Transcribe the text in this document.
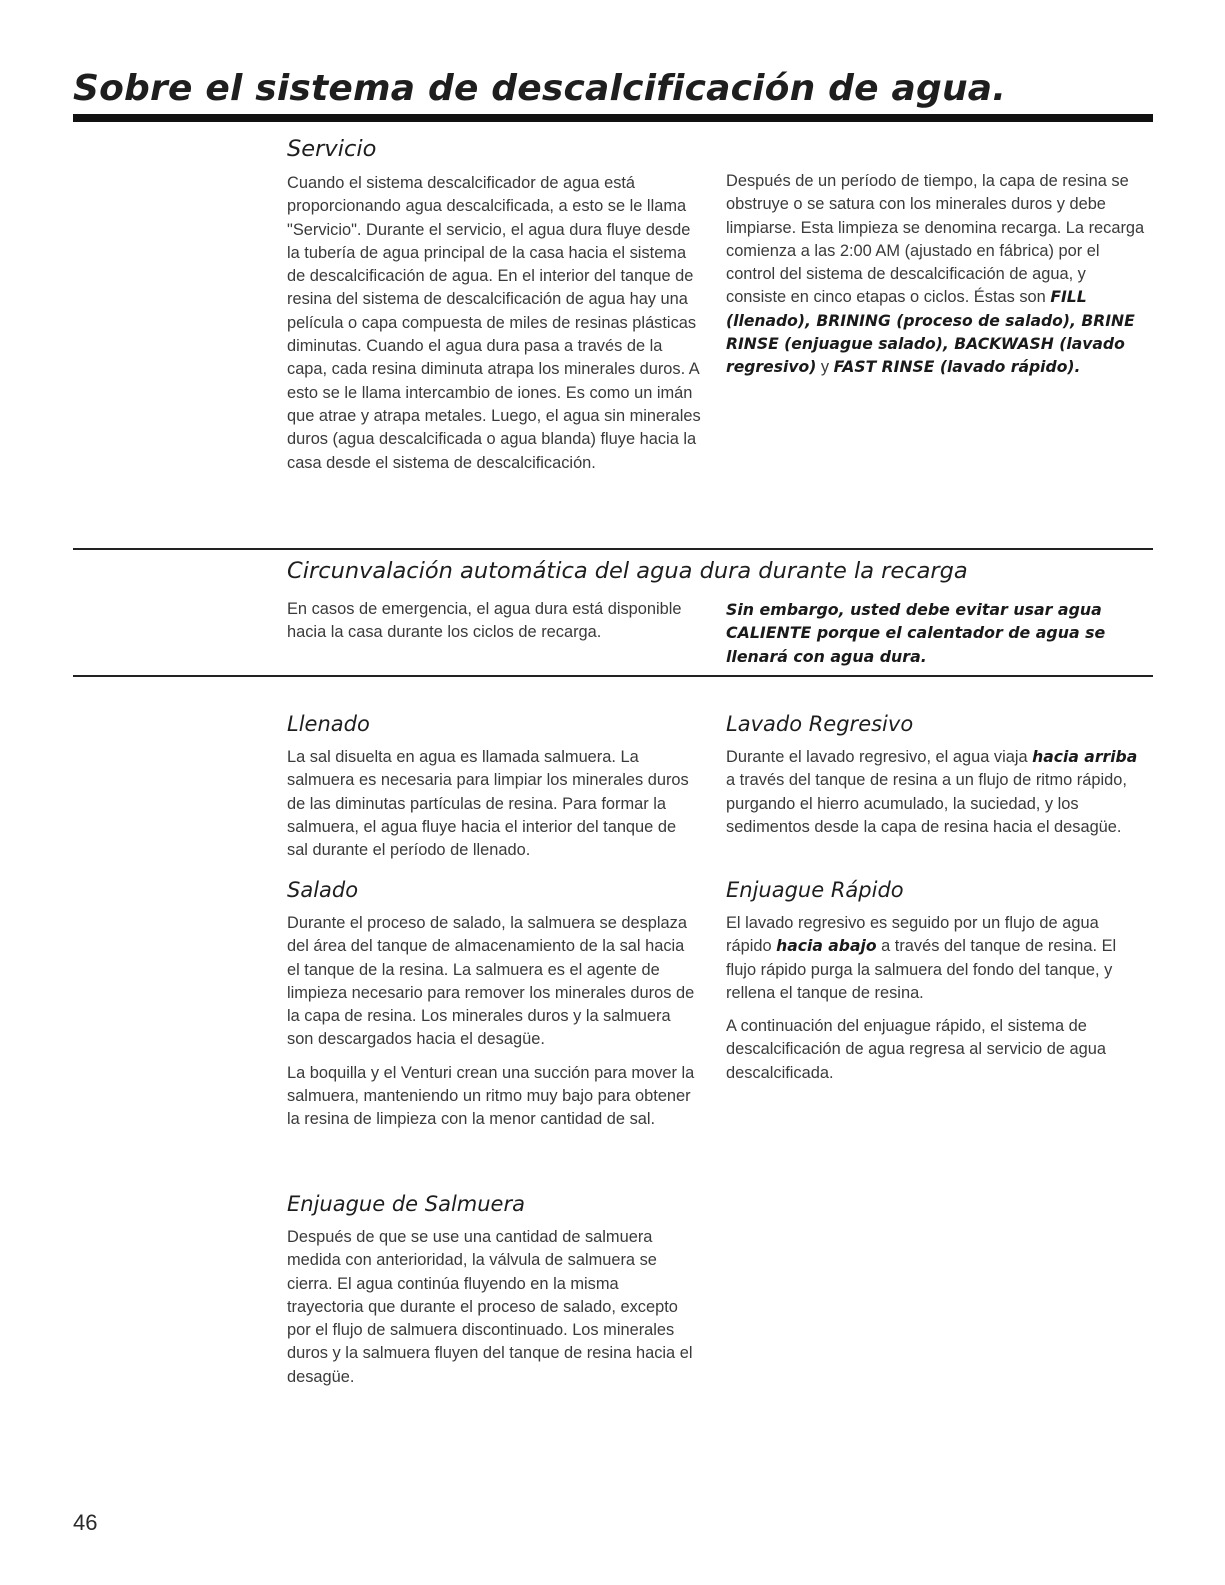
Sobre el sistema de descalcificación de agua.
Servicio

Cuando el sistema descalcificador de agua está proporcionando agua descalcificada, a esto se le llama "Servicio". Durante el servicio, el agua dura fluye desde la tubería de agua principal de la casa hacia el sistema de descalcificación de agua. En el interior del tanque de resina del sistema de descalcificación de agua hay una película o capa compuesta de miles de resinas plásticas diminutas. Cuando el agua dura pasa a través de la capa, cada resina diminuta atrapa los minerales duros. A esto se le llama intercambio de iones. Es como un imán que atrae y atrapa metales. Luego, el agua sin minerales duros (agua descalcificada o agua blanda) fluye hacia la casa desde el sistema de descalcificación.

Después de un período de tiempo, la capa de resina se obstruye o se satura con los minerales duros y debe limpiarse. Esta limpieza se denomina recarga. La recarga comienza a las 2:00 AM (ajustado en fábrica) por el control del sistema de descalcificación de agua, y consiste en cinco etapas o ciclos. Éstas son FILL (llenado), BRINING (proceso de salado), BRINE RINSE (enjuague salado), BACKWASH (lavado regresivo) y FAST RINSE (lavado rápido).

Circunvalación automática del agua dura durante la recarga

En casos de emergencia, el agua dura está disponible hacia la casa durante los ciclos de recarga.

Sin embargo, usted debe evitar usar agua CALIENTE porque el calentador de agua se llenará con agua dura.

Llenado

La sal disuelta en agua es llamada salmuera. La salmuera es necesaria para limpiar los minerales duros de las diminutas partículas de resina. Para formar la salmuera, el agua fluye hacia el interior del tanque de sal durante el período de llenado.

Salado

Durante el proceso de salado, la salmuera se desplaza del área del tanque de almacenamiento de la sal hacia el tanque de la resina. La salmuera es el agente de limpieza necesario para remover los minerales duros de la capa de resina. Los minerales duros y la salmuera son descargados hacia el desagüe.

La boquilla y el Venturi crean una succión para mover la salmuera, manteniendo un ritmo muy bajo para obtener la resina de limpieza con la menor cantidad de sal.

Enjuague de Salmuera

Después de que se use una cantidad de salmuera medida con anterioridad, la válvula de salmuera se cierra. El agua continúa fluyendo en la misma trayectoria que durante el proceso de salado, excepto por el flujo de salmuera discontinuado. Los minerales duros y la salmuera fluyen del tanque de resina hacia el desagüe.

Lavado Regresivo

Durante el lavado regresivo, el agua viaja hacia arriba a través del tanque de resina a un flujo de ritmo rápido, purgando el hierro acumulado, la suciedad, y los sedimentos desde la capa de resina hacia el desagüe.

Enjuague Rápido

El lavado regresivo es seguido por un flujo de agua rápido hacia abajo a través del tanque de resina. El flujo rápido purga la salmuera del fondo del tanque, y rellena el tanque de resina.

A continuación del enjuague rápido, el sistema de descalcificación de agua regresa al servicio de agua descalcificada.

46
